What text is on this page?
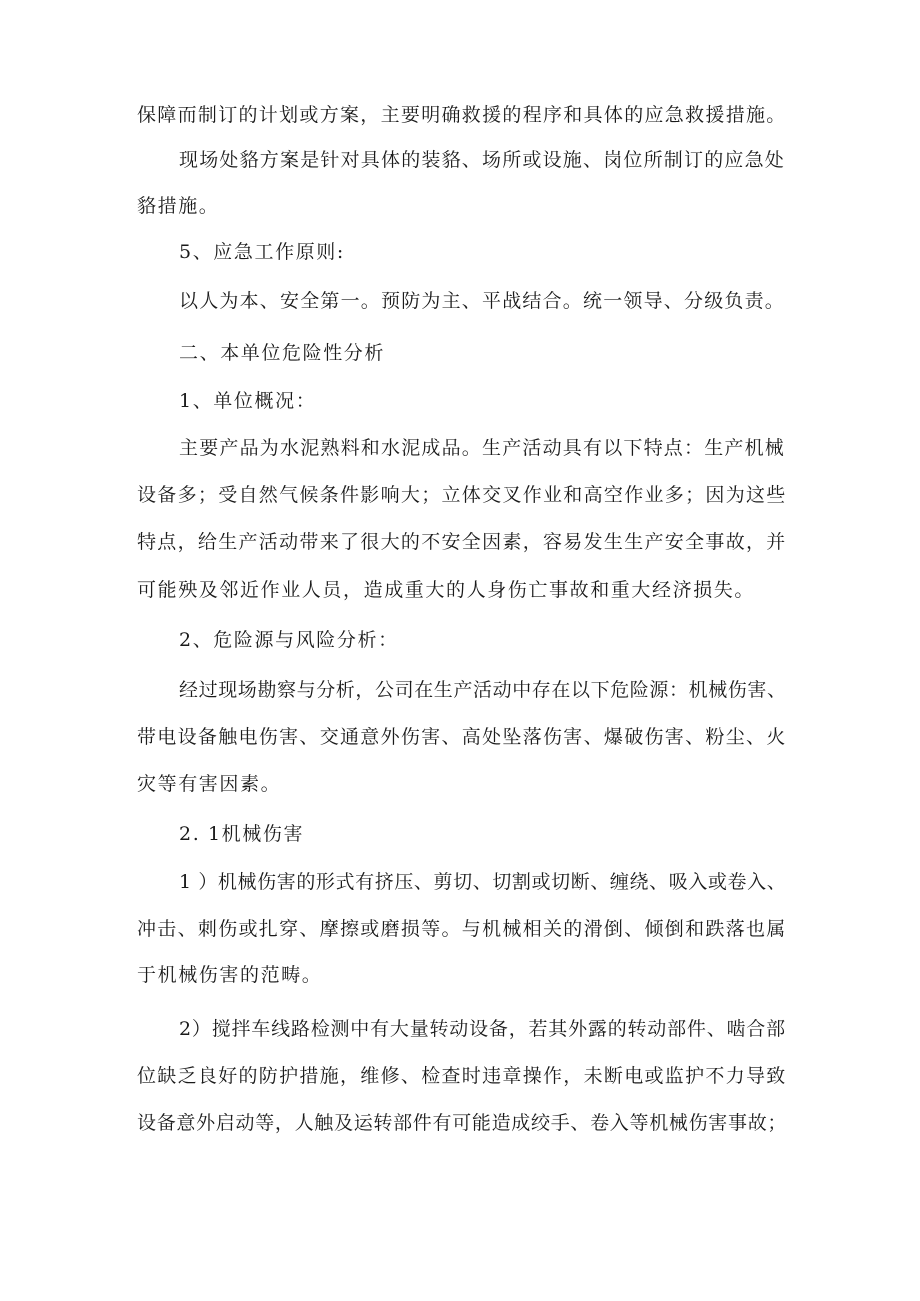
保障而制订的计划或方案，主要明确救援的程序和具体的应急救援措施。
现场处貉方案是针对具体的装貉、场所或设施、岗位所制订的应急处
貉措施。
5、应急工作原则:
以人为本、安全第一。预防为主、平战结合。统一领导、分级负责。
二、本单位危险性分析
1、单位概况：
主要产品为水泥熟料和水泥成品。生产活动具有以下特点：生产机械
设备多；受自然气候条件影响大；立体交叉作业和高空作业多；因为这些
特点，给生产活动带来了很大的不安全因素，容易发生生产安全事故，并
可能殃及邻近作业人员，造成重大的人身伤亡事故和重大经济损失。
2、危险源与风险分析：
经过现场勘察与分析，公司在生产活动中存在以下危险源：机械伤害、
带电设备触电伤害、交通意外伤害、高处坠落伤害、爆破伤害、粉尘、火
灾等有害因素。
2. 1机械伤害
1 ）机械伤害的形式有挤压、剪切、切割或切断、缠绕、吸入或卷入、
冲击、刺伤或扎穿、摩擦或磨损等。与机械相关的滑倒、倾倒和跌落也属
于机械伤害的范畴。
2）搅拌车线路检测中有大量转动设备，若其外露的转动部件、啮合部
位缺乏良好的防护措施，维修、检查时违章操作，未断电或监护不力导致
设备意外启动等，人触及运转部件有可能造成绞手、卷入等机械伤害事故；
